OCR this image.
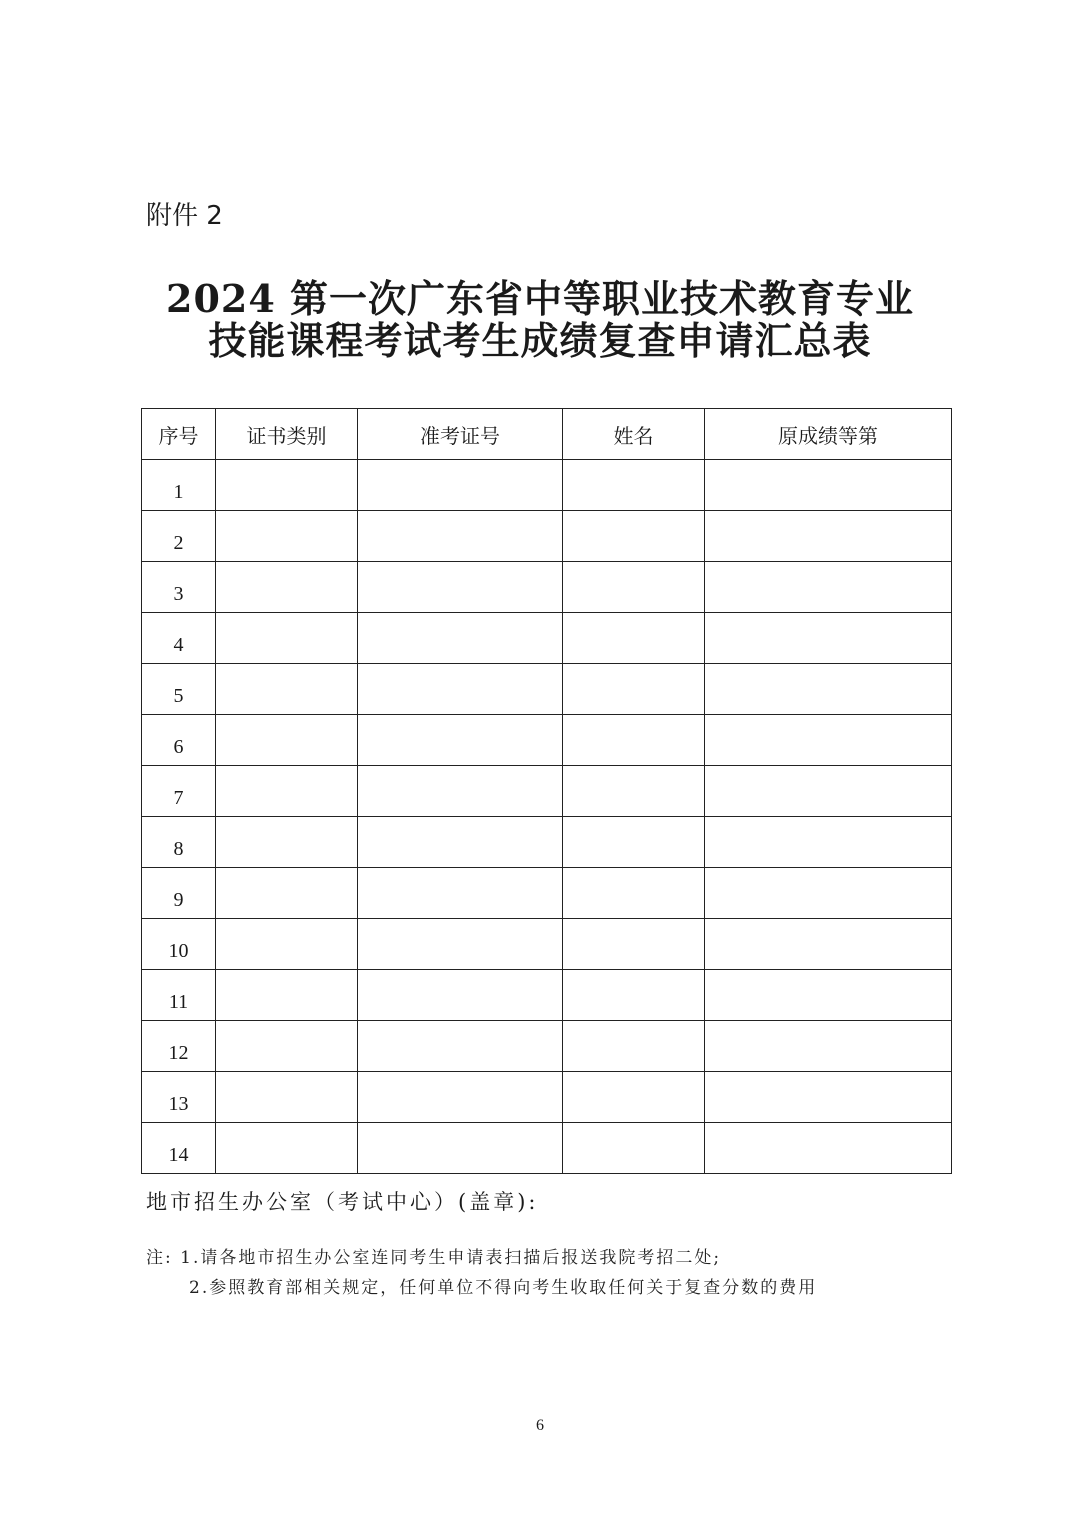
附件 2
2024 第一次广东省中等职业技术教育专业
技能课程考试考生成绩复查申请汇总表
序号	证书类别	准考证号	姓名	原成绩等第
1				
2				
3				
4				
5				
6				
7				
8				
9				
10				
11				
12				
13				
14				
地市招生办公室（考试中心）(盖章):
注: 1.请各地市招生办公室连同考生申请表扫描后报送我院考招二处;
2.参照教育部相关规定，任何单位不得向考生收取任何关于复查分数的费用
6
